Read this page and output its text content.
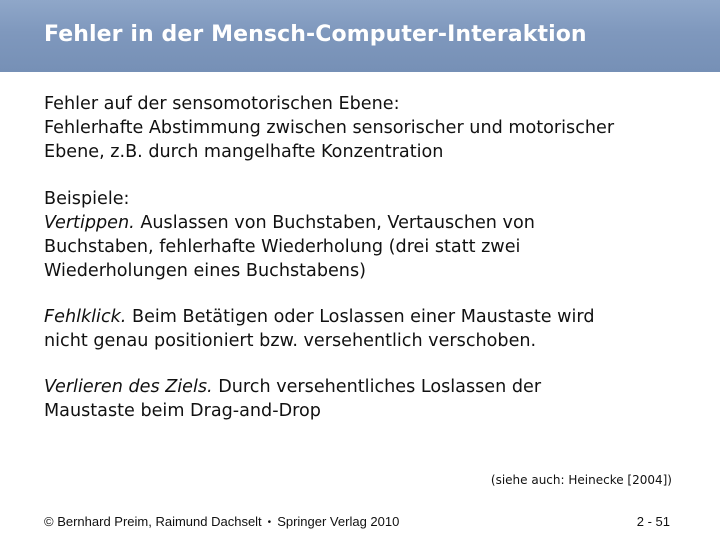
Fehler in der Mensch-Computer-Interaktion

Fehler auf der sensomotorischen Ebene:

Fehlerhafte Abstimmung zwischen sensorischer und motorischer

Ebene, z.B. durch mangelhafte Konzentration

Beispiele:

Vertippen. Auslassen von Buchstaben, Vertauschen von

Buchstaben, fehlerhafte Wiederholung (drei statt zwei

Wiederholungen eines Buchstabens)

Fehlklick. Beim Betätigen oder Loslassen einer Maustaste wird

nicht genau positioniert bzw. versehentlich verschoben.

Verlieren des Ziels. Durch versehentliches Loslassen der

Maustaste beim Drag-and-Drop

(siehe auch: Heinecke [2004])
© Bernhard Preim, Raimund Dachselt • Springer Verlag 2010	2 - 51
